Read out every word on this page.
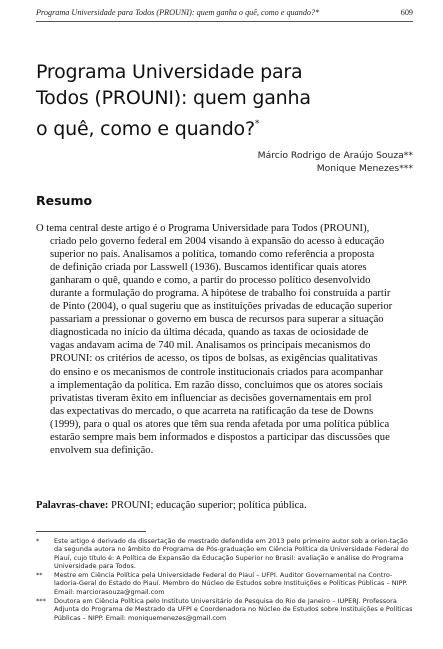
Programa Universidade para Todos (PROUNI): quem ganha o quê, como e quando?*	609
Programa Universidade para
Todos (PROUNI): quem ganha
o quê, como e quando?*
Márcio Rodrigo de Araújo Souza**
Monique Menezes***
Resumo
O tema central deste artigo é o Programa Universidade para Todos (PROUNI),
criado pelo governo federal em 2004 visando à expansão do acesso à educação
superior no país. Analisamos a política, tomando como referência a proposta
de definição criada por Lasswell (1936). Buscamos identificar quais atores
ganharam o quê, quando e como, a partir do processo político desenvolvido
durante a formulação do programa. A hipótese de trabalho foi construída a partir
de Pinto (2004), o qual sugeriu que as instituições privadas de educação superior
passariam a pressionar o governo em busca de recursos para superar a situação
diagnosticada no início da última década, quando as taxas de ociosidade de
vagas andavam acima de 740 mil. Analisamos os principais mecanismos do
PROUNI: os critérios de acesso, os tipos de bolsas, as exigências qualitativas
do ensino e os mecanismos de controle institucionais criados para acompanhar
a implementação da política. Em razão disso, concluímos que os atores sociais
privatistas tiveram êxito em influenciar as decisões governamentais em prol
das expectativas do mercado, o que acarreta na ratificação da tese de Downs
(1999), para o qual os atores que têm sua renda afetada por uma política pública
estarão sempre mais bem informados e dispostos a participar das discussões que
envolvem sua definição.
Palavras-chave: PROUNI; educação superior; política pública.
* Este artigo é derivado da dissertação de mestrado defendida em 2013 pelo primeiro autor sob a orien-tação da segunda autora no âmbito do Programa de Pós-graduação em Ciência Política da Universidade Federal do Piauí, cujo título é: A Política de Expansão da Educação Superior no Brasil: avaliação e análise do Programa Universidade para Todos.
** Mestre em Ciência Política pela Universidade Federal do Piauí – UFPI. Auditor Governamental na Contro-ladoria-Geral do Estado do Piauí. Membro do Núcleo de Estudos sobre Instituições e Políticas Públicas – NIPP. Email: marciorasouza@gmail.com
*** Doutora em Ciência Política pelo Instituto Universitário de Pesquisa do Rio de Janeiro – IUPERJ. Professora Adjunta do Programa de Mestrado da UFPI e Coordenadora no Núcleo de Estudos sobre Instituições e Políticas Públicas – NIPP. Email: moniquemenezes@gmail.com
